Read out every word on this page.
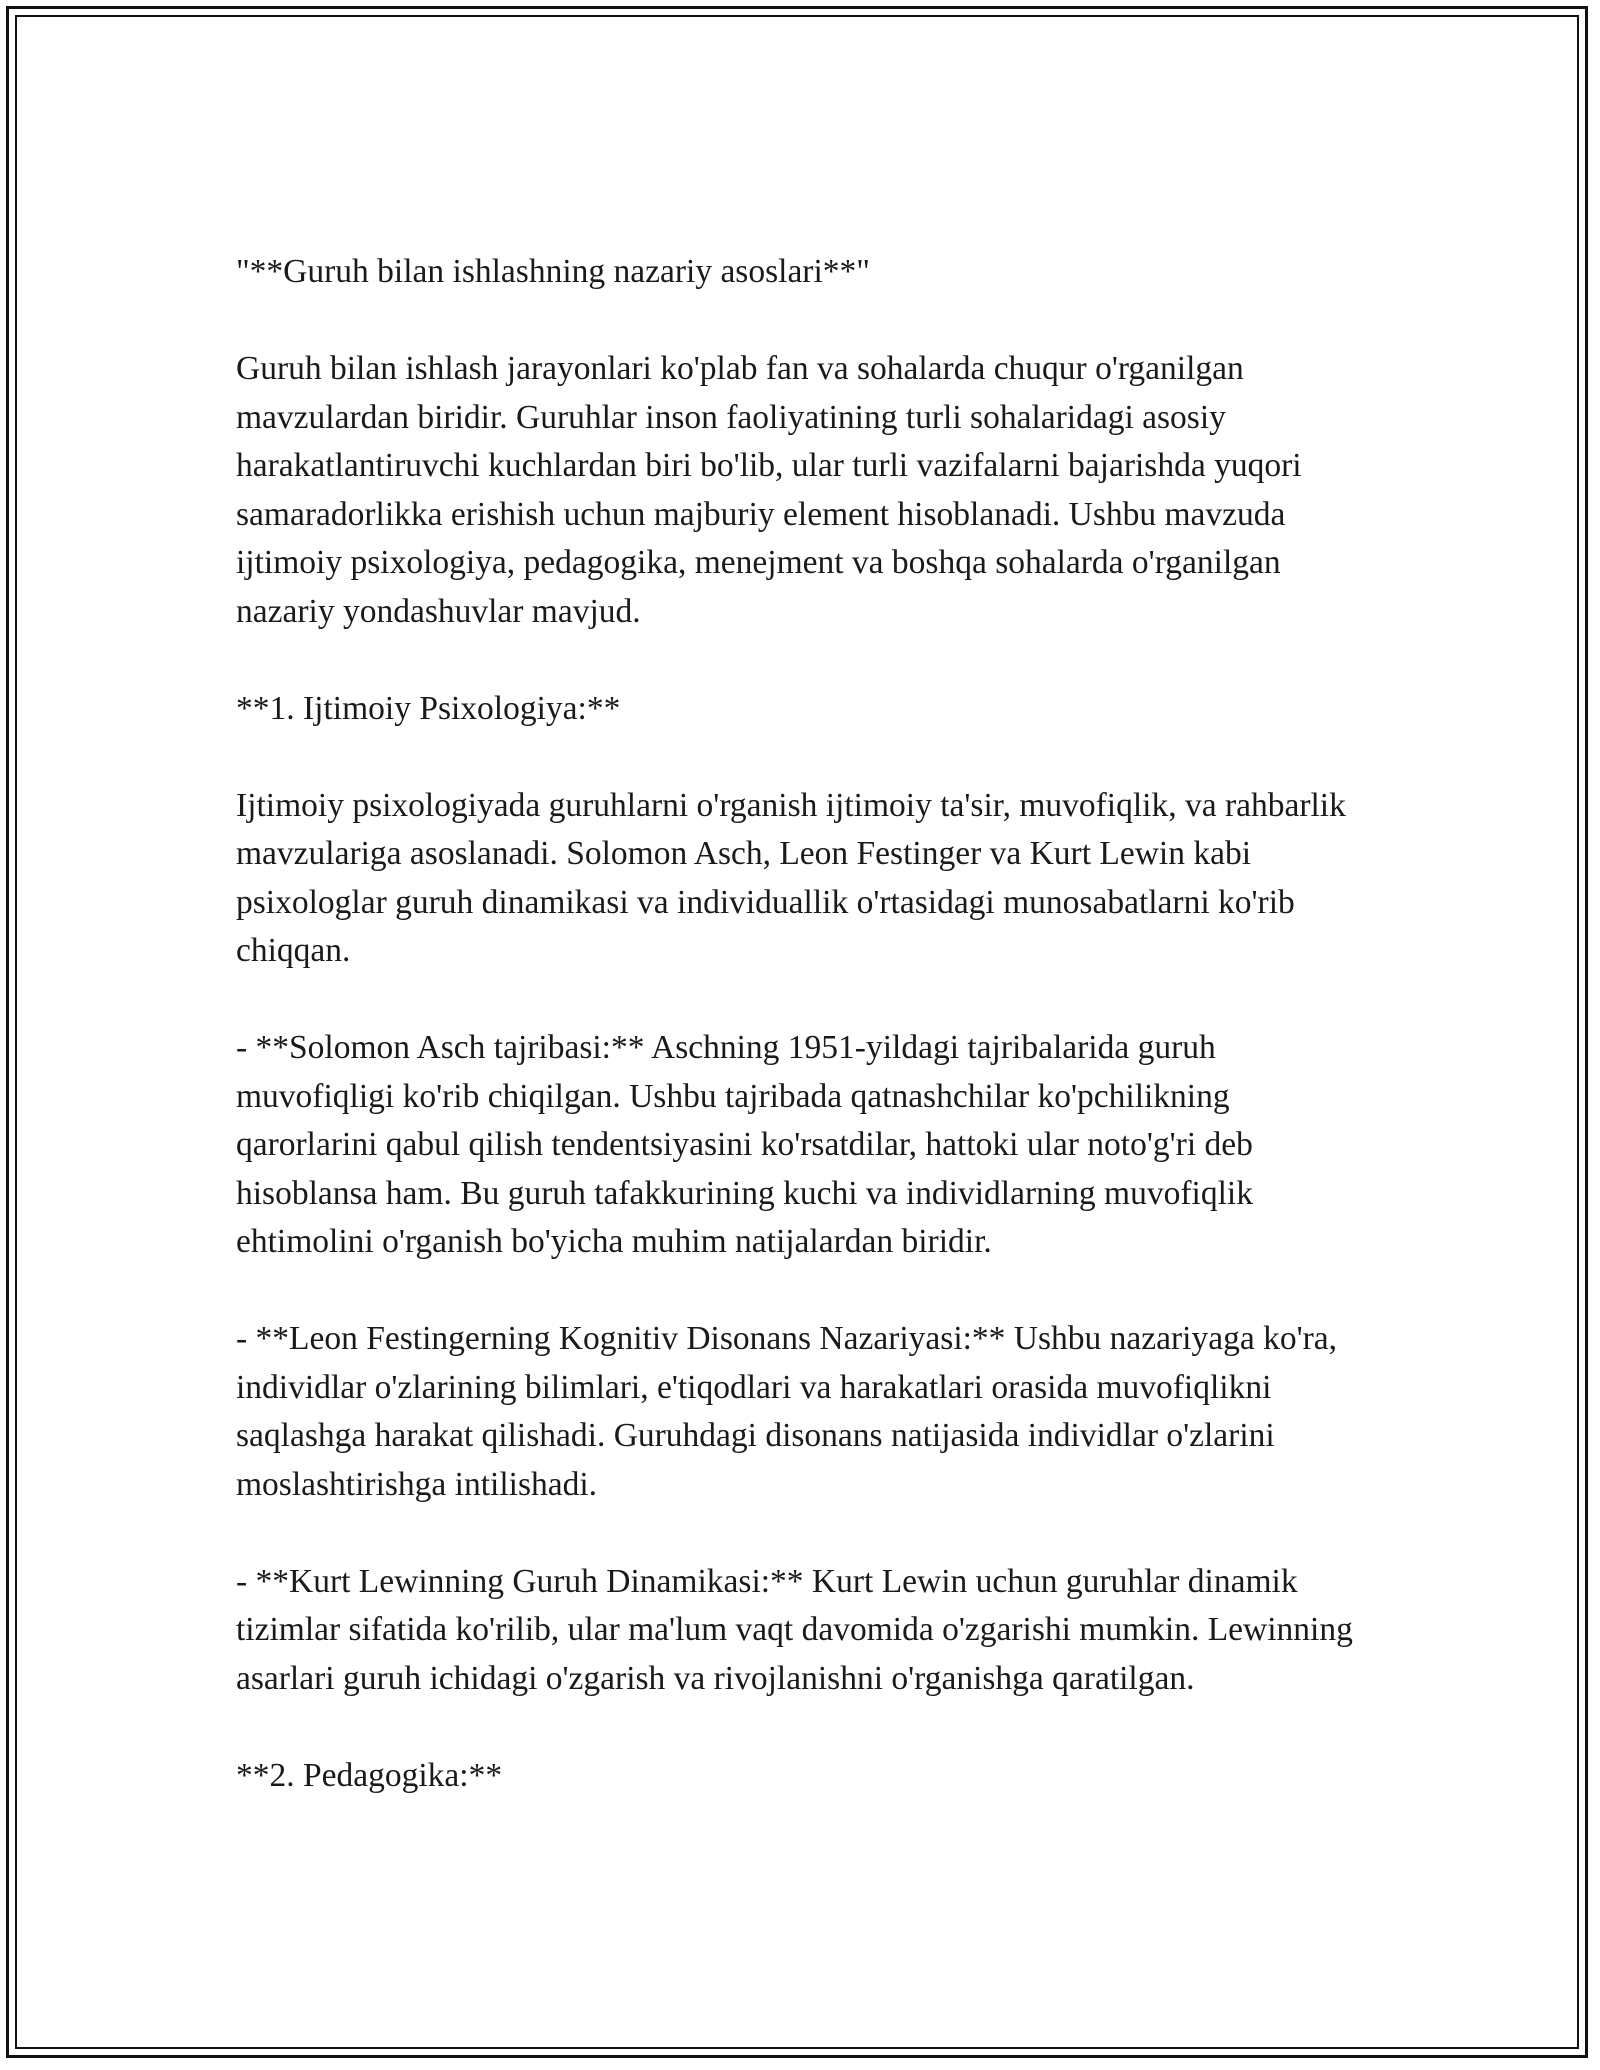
"**Guruh bilan ishlashning nazariy asoslari**"

Guruh bilan ishlash jarayonlari ko'plab fan va sohalarda chuqur o'rganilgan mavzulardan biridir. Guruhlar inson faoliyatining turli sohalaridagi asosiy harakatlantiruvchi kuchlardan biri bo'lib, ular turli vazifalarni bajarishda yuqori samaradorlikka erishish uchun majburiy element hisoblanadi. Ushbu mavzuda ijtimoiy psixologiya, pedagogika, menejment va boshqa sohalarda o'rganilgan nazariy yondashuvlar mavjud.

**1. Ijtimoiy Psixologiya:**

Ijtimoiy psixologiyada guruhlarni o'rganish ijtimoiy ta'sir, muvofiqlik, va rahbarlik mavzulariga asoslanadi. Solomon Asch, Leon Festinger va Kurt Lewin kabi psixologlar guruh dinamikasi va individuallik o'rtasidagi munosabatlarni ko'rib chiqqan.

- **Solomon Asch tajribasi:** Aschning 1951-yildagi tajribalarida guruh muvofiqligi ko'rib chiqilgan. Ushbu tajribada qatnashchilar ko'pchilikning qarorlarini qabul qilish tendentsiyasini ko'rsatdilar, hattoki ular noto'g'ri deb hisoblansa ham. Bu guruh tafakkurining kuchi va individlarning muvofiqlik ehtimolini o'rganish bo'yicha muhim natijalardan biridir.

- **Leon Festingerning Kognitiv Disonans Nazariyasi:** Ushbu nazariyaga ko'ra, individlar o'zlarining bilimlari, e'tiqodlari va harakatlari orasida muvofiqlikni saqlashga harakat qilishadi. Guruhdagi disonans natijasida individlar o'zlarini moslashtirishga intilishadi.

- **Kurt Lewinning Guruh Dinamikasi:** Kurt Lewin uchun guruhlar dinamik tizimlar sifatida ko'rilib, ular ma'lum vaqt davomida o'zgarishi mumkin. Lewinning asarlari guruh ichidagi o'zgarish va rivojlanishni o'rganishga qaratilgan.

**2. Pedagogika:**
